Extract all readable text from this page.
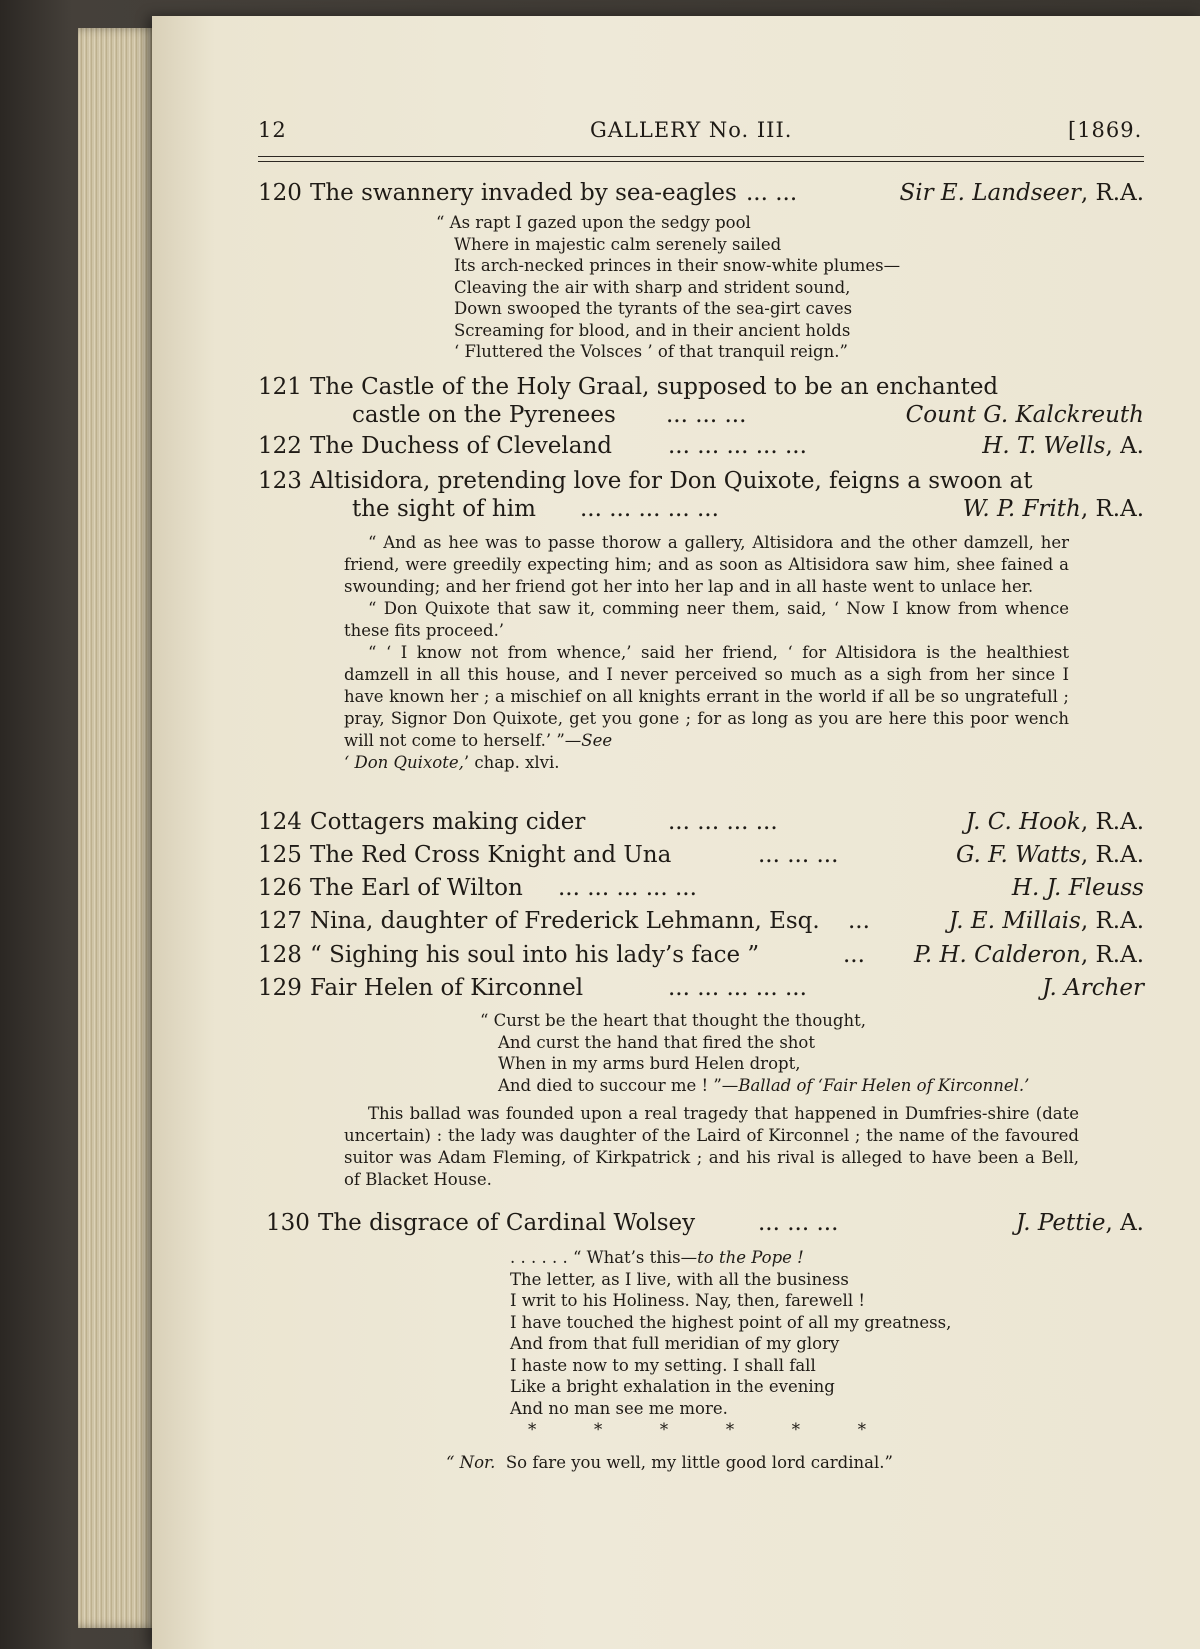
12	GALLERY No. III.	[1869.
120 The swannery invaded by sea-eagles ... ...	Sir E. Landseer, R.A.
“ As rapt I gazed upon the sedgy pool
Where in majestic calm serenely sailed
Its arch-necked princes in their snow-white plumes—
Cleaving the air with sharp and strident sound,
Down swooped the tyrants of the sea-girt caves
Screaming for blood, and in their ancient holds
‘ Fluttered the Volsces ’ of that tranquil reign.”
121 The Castle of the Holy Graal, supposed to be an enchanted
castle on the Pyrenees ... ... ...	Count G. Kalckreuth
122 The Duchess of Cleveland ... ... ... ... ...	H. T. Wells, A.
123 Altisidora, pretending love for Don Quixote, feigns a swoon at
the sight of him ... ... ... ... ...	W. P. Frith, R.A.

“ And as hee was to passe thorow a gallery, Altisidora and the other damzell, her friend, were greedily expecting him; and as soon as Altisidora saw him, shee fained a swounding; and her friend got her into her lap and in all haste went to unlace her.

“ Don Quixote that saw it, comming neer them, said, ‘ Now I know from whence these fits proceed.’

“ ‘ I know not from whence,’ said her friend, ‘ for Altisidora is the healthiest damzell in all this house, and I never perceived so much as a sigh from her since I have known her ; a mischief on all knights errant in the world if all be so ungratefull ; pray, Signor Don Quixote, get you gone ; for as long as you are here this poor wench will not come to herself.’ ”—See

‘ Don Quixote,’ chap. xlvi.
124 Cottagers making cider	... ... ... ...	J. C. Hook, R.A.
125 The Red Cross Knight and Una	... ... ...	G. F. Watts, R.A.
126 The Earl of Wilton ... ... ... ... ...	H. J. Fleuss
127 Nina, daughter of Frederick Lehmann, Esq. ...	J. E. Millais, R.A.
128 “ Sighing his soul into his lady’s face ”	... P. H. Calderon, R.A.
129 Fair Helen of Kirconnel	... ... ... ... ...	J. Archer
“ Curst be the heart that thought the thought,
And curst the hand that fired the shot
When in my arms burd Helen dropt,
And died to succour me ! ”—Ballad of ‘Fair Helen of Kirconnel.’

This ballad was founded upon a real tragedy that happened in Dumfries-shire (date uncertain) : the lady was daughter of the Laird of Kirconnel ; the name of the favoured suitor was Adam Fleming, of Kirkpatrick ; and his rival is alleged to have been a Bell, of Blacket House.

130 The disgrace of Cardinal Wolsey	... ... ...	J. Pettie, A.
. . . . . . “ What’s this—to the Pope !
The letter, as I live, with all the business
I writ to his Holiness. Nay, then, farewell !
I have touched the highest point of all my greatness,
And from that full meridian of my glory
I haste now to my setting. I shall fall
Like a bright exhalation in the evening
And no man see me more.
*           *           *           *           *           *
“ Nor. So fare you well, my little good lord cardinal.”
